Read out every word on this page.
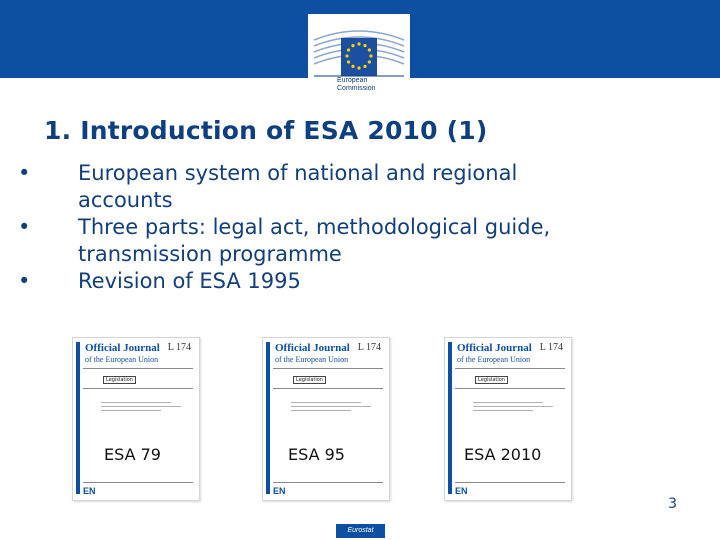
European
Commission
1. Introduction of ESA 2010 (1)
• European system of national and regional
accounts
• Three parts: legal act, methodological guide,
transmission programme
• Revision of ESA 1995
Official Journal
of the European Union
L 174
Legislation
EN
Official Journal
of the European Union
L 174
Legislation
EN
Official Journal
of the European Union
L 174
Legislation
EN
ESA 79	ESA 95	ESA 2010
3
Eurostat
